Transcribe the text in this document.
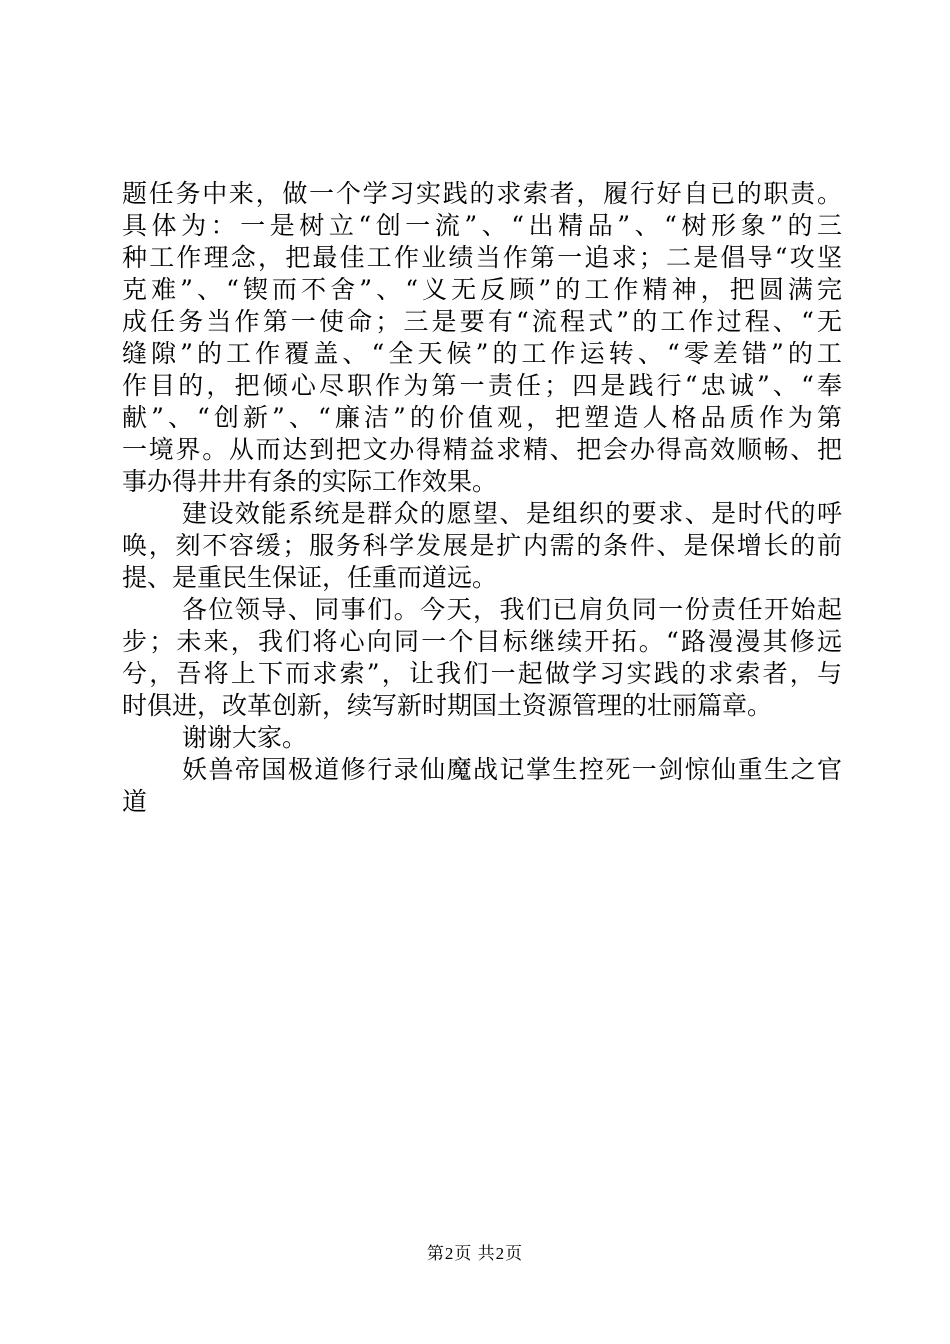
题任务中来，做一个学习实践的求索者，履行好自已的职责。
具体为：一是树立“创一流”、“出精品”、“树形象”的三
种工作理念，把最佳工作业绩当作第一追求；二是倡导“攻坚
克难”、“锲而不舍”、“义无反顾”的工作精神，把圆满完
成任务当作第一使命；三是要有“流程式”的工作过程、“无
缝隙”的工作覆盖、“全天候”的工作运转、“零差错”的工
作目的，把倾心尽职作为第一责任；四是践行“忠诚”、“奉
献”、“创新”、“廉洁”的价值观，把塑造人格品质作为第
一境界。从而达到把文办得精益求精、把会办得高效顺畅、把
事办得井井有条的实际工作效果。
建设效能系统是群众的愿望、是组织的要求、是时代的呼
唤，刻不容缓；服务科学发展是扩内需的条件、是保增长的前
提、是重民生保证，任重而道远。
各位领导、同事们。今天，我们已肩负同一份责任开始起
步；未来，我们将心向同一个目标继续开拓。“路漫漫其修远
兮，吾将上下而求索”，让我们一起做学习实践的求索者，与
时俱进，改革创新，续写新时期国土资源管理的壮丽篇章。
谢谢大家。
妖兽帝国极道修行录仙魔战记掌生控死一剑惊仙重生之官
道
第2页 共2页
